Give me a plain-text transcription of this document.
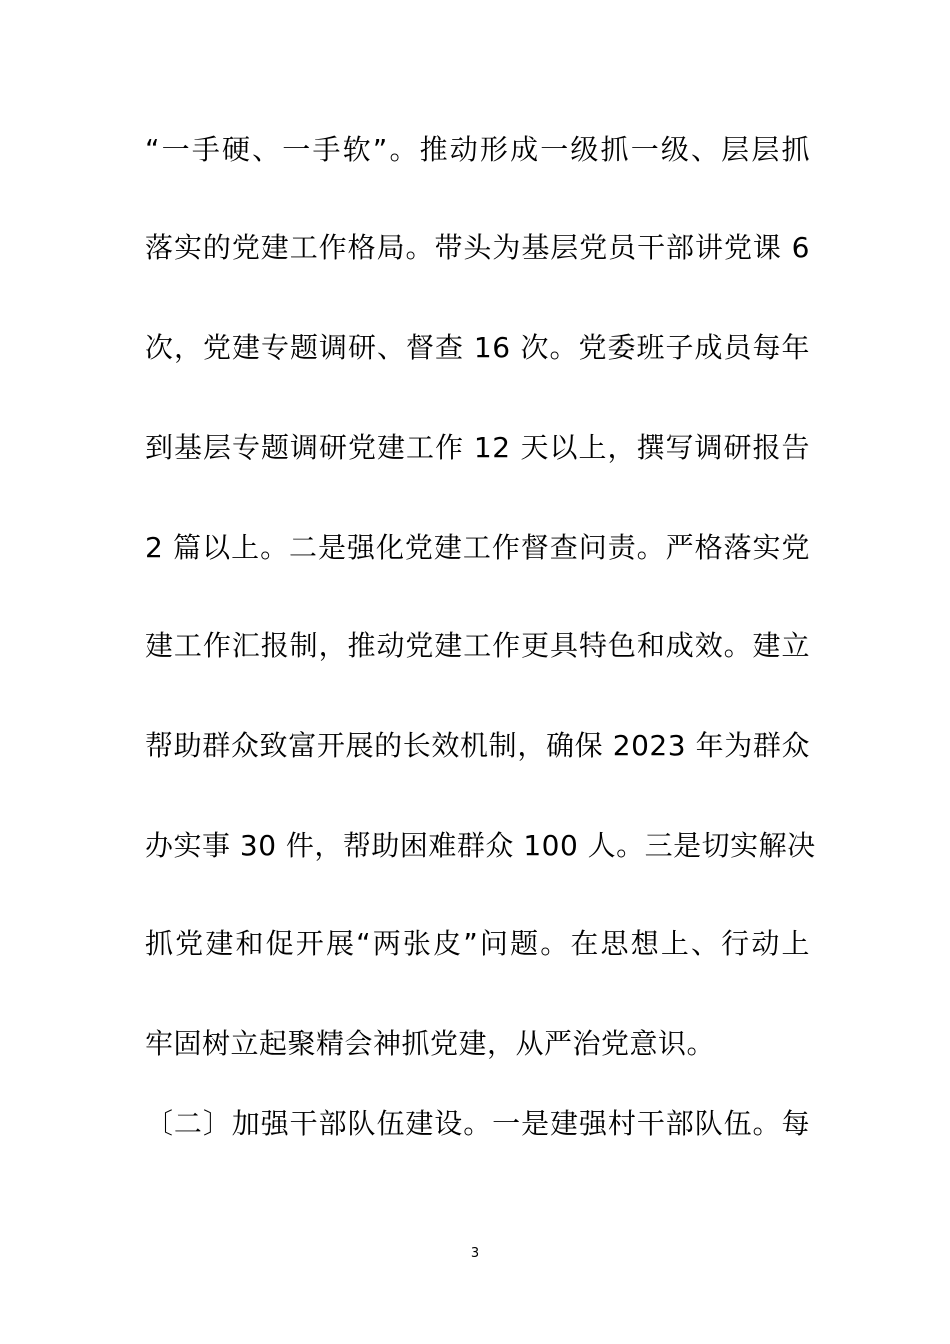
“一手硬、一手软”。推动形成一级抓一级、层层抓
落实的党建工作格局。带头为基层党员干部讲党课 6
次，党建专题调研、督查 16 次。党委班子成员每年
到基层专题调研党建工作 12 天以上，撰写调研报告
2 篇以上。二是强化党建工作督查问责。严格落实党
建工作汇报制，推动党建工作更具特色和成效。建立
帮助群众致富开展的长效机制，确保 2023 年为群众
办实事 30 件，帮助困难群众 100 人。三是切实解决
抓党建和促开展“两张皮”问题。在思想上、行动上
牢固树立起聚精会神抓党建，从严治党意识。
〔二〕加强干部队伍建设。一是建强村干部队伍。每
3
